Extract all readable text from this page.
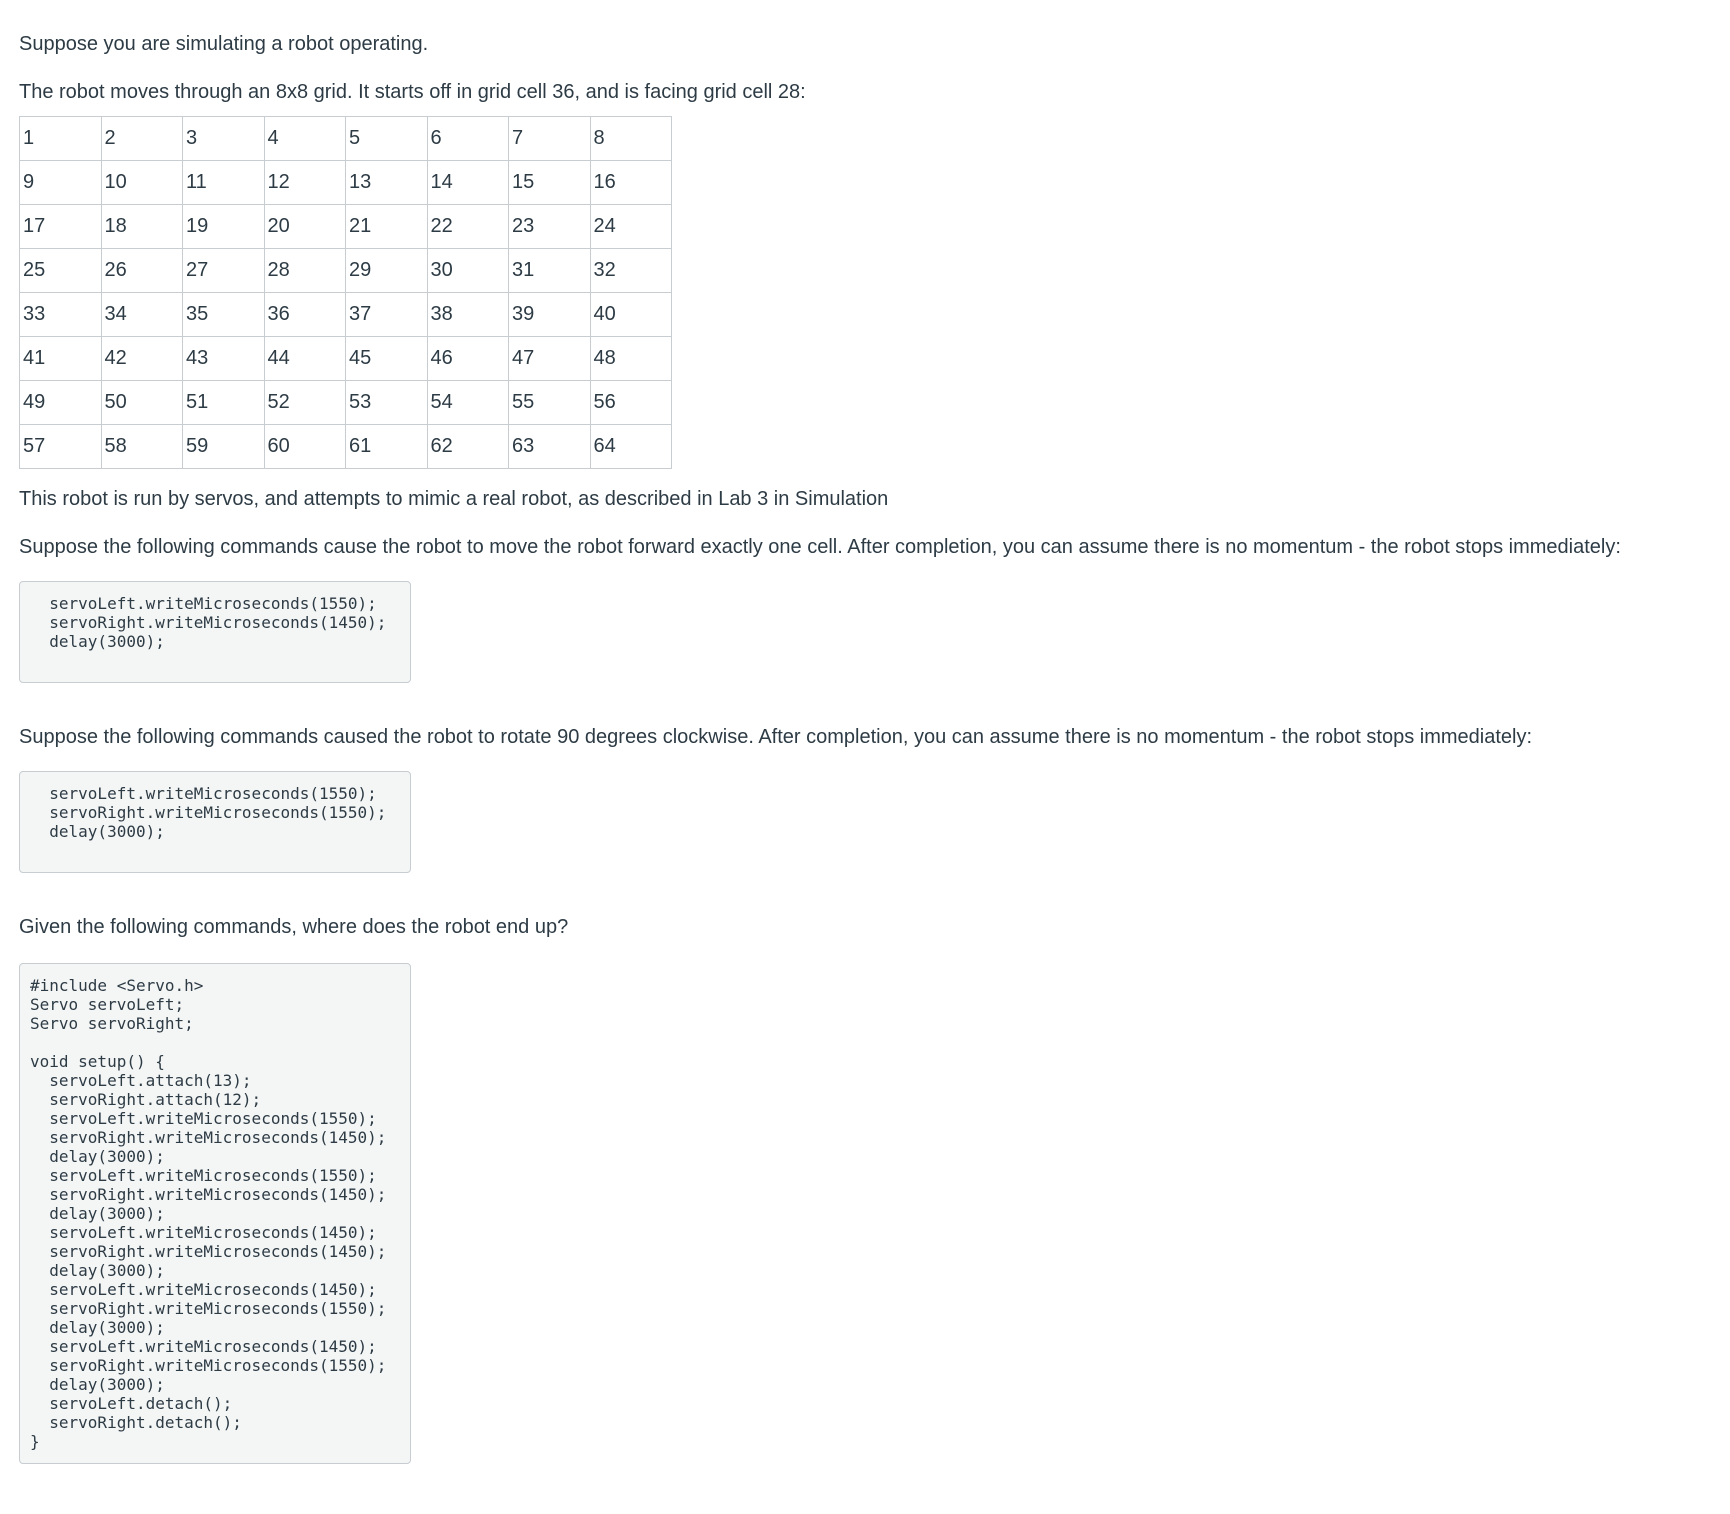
Suppose you are simulating a robot operating.

The robot moves through an 8x8 grid. It starts off in grid cell 36, and is facing grid cell 28:

1	2	3	4	5	6	7	8
9	10	11	12	13	14	15	16
17	18	19	20	21	22	23	24
25	26	27	28	29	30	31	32
33	34	35	36	37	38	39	40
41	42	43	44	45	46	47	48
49	50	51	52	53	54	55	56
57	58	59	60	61	62	63	64

This robot is run by servos, and attempts to mimic a real robot, as described in Lab 3 in Simulation

Suppose the following commands cause the robot to move the robot forward exactly one cell. After completion, you can assume there is no momentum - the robot stops immediately:

servoLeft.writeMicroseconds(1550);
servoRight.writeMicroseconds(1450);
delay(3000);

Suppose the following commands caused the robot to rotate 90 degrees clockwise. After completion, you can assume there is no momentum - the robot stops immediately:

servoLeft.writeMicroseconds(1550);
servoRight.writeMicroseconds(1550);
delay(3000);

Given the following commands, where does the robot end up?

#include <Servo.h>
Servo servoLeft;
Servo servoRight;

void setup() {
servoLeft.attach(13);
servoRight.attach(12);
servoLeft.writeMicroseconds(1550);
servoRight.writeMicroseconds(1450);
delay(3000);
servoLeft.writeMicroseconds(1550);
servoRight.writeMicroseconds(1450);
delay(3000);
servoLeft.writeMicroseconds(1450);
servoRight.writeMicroseconds(1450);
delay(3000);
servoLeft.writeMicroseconds(1450);
servoRight.writeMicroseconds(1550);
delay(3000);
servoLeft.writeMicroseconds(1450);
servoRight.writeMicroseconds(1550);
delay(3000);
servoLeft.detach();
servoRight.detach();
}
